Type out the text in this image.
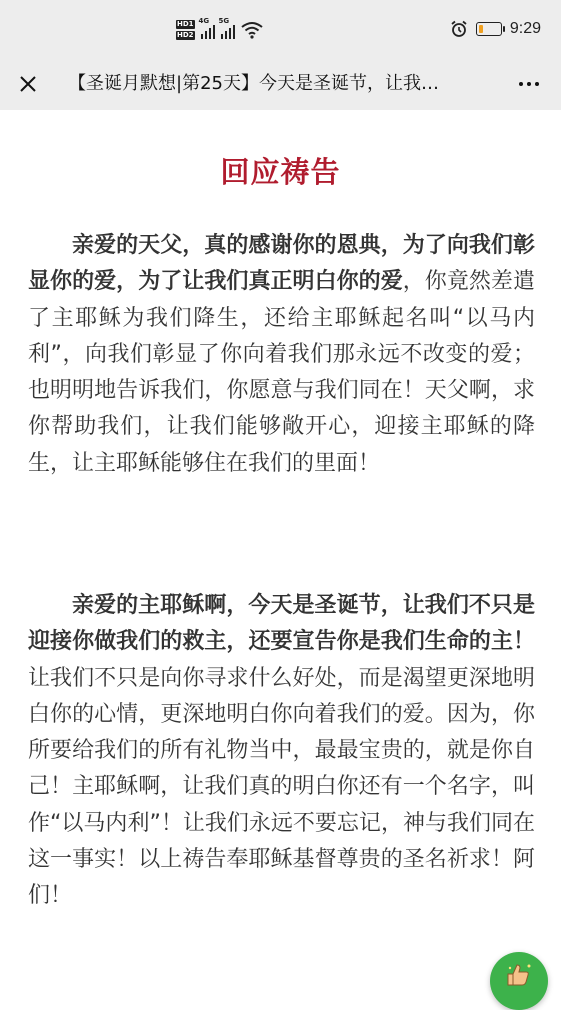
HD1
HD2
4G 5G	9:29
【圣诞月默想|第25天】今天是圣诞节，让我…
回应祷告

亲爱的天父，真的感谢你的恩典，为了向我们彰显你的爱，为了让我们真正明白你的爱，你竟然差遣了主耶稣为我们降生，还给主耶稣起名叫“以马内利”，向我们彰显了你向着我们那永远不改变的爱；也明明地告诉我们，你愿意与我们同在！天父啊，求你帮助我们，让我们能够敞开心，迎接主耶稣的降生，让主耶稣能够住在我们的里面！

亲爱的主耶稣啊，今天是圣诞节，让我们不只是迎接你做我们的救主，还要宣告你是我们生命的主！让我们不只是向你寻求什么好处，而是渴望更深地明白你的心情，更深地明白你向着我们的爱。因为，你所要给我们的所有礼物当中，最最宝贵的，就是你自己！主耶稣啊，让我们真的明白你还有一个名字，叫作“以马内利”！让我们永远不要忘记，神与我们同在这一事实！以上祷告奉耶稣基督尊贵的圣名祈求！阿们！
